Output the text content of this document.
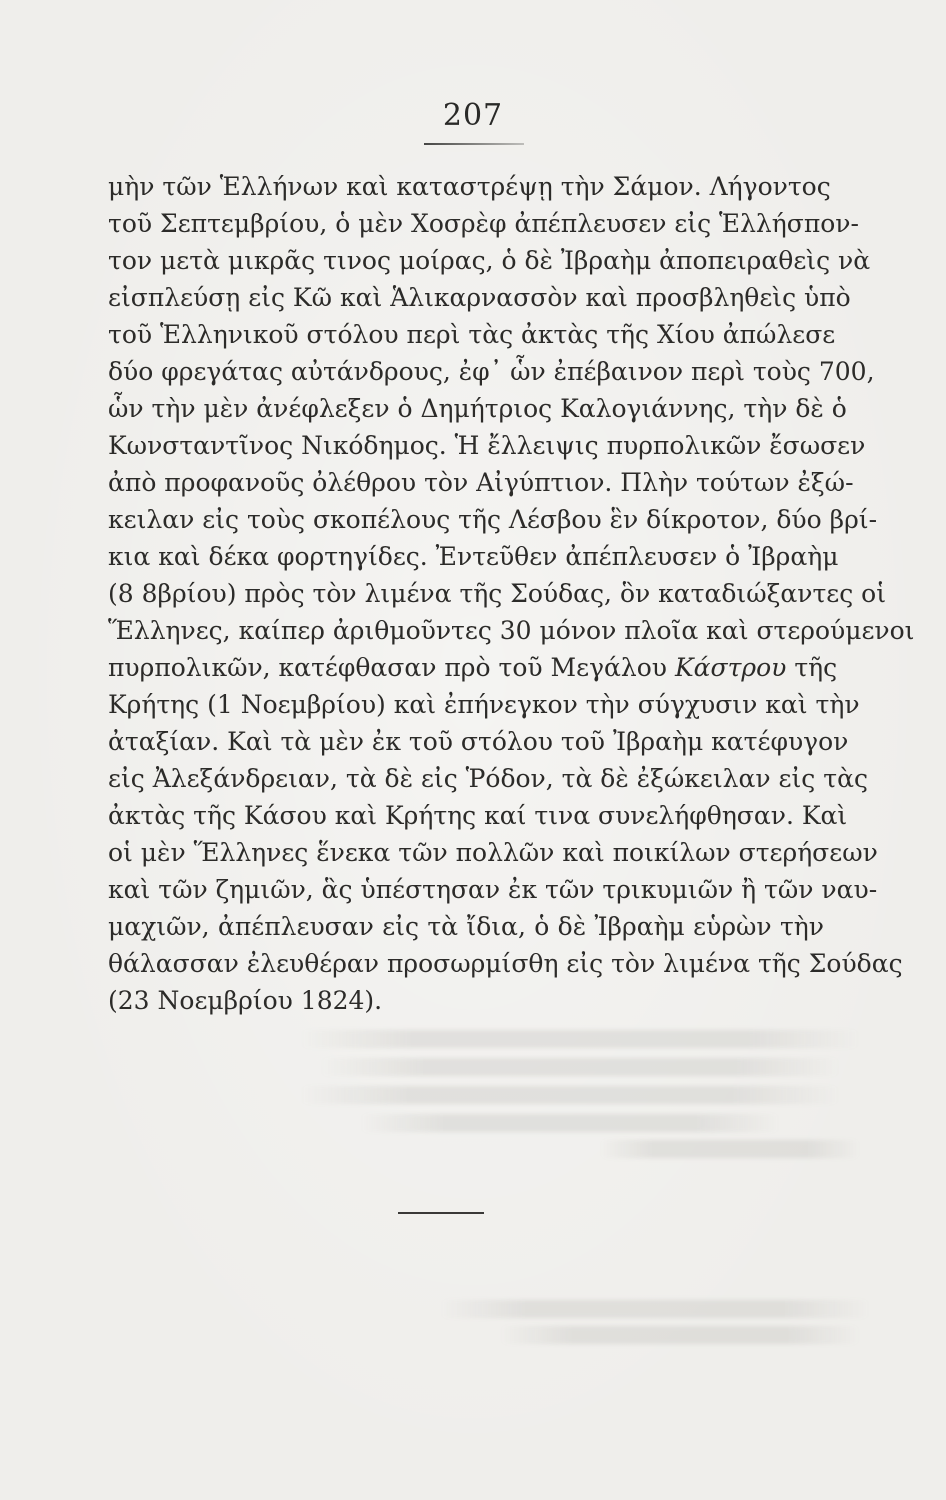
207
μὴν τῶν Ἑλλήνων καὶ καταστρέψῃ τὴν Σάμον. Λήγοντος
τοῦ Σεπτεμβρίου, ὁ μὲν Χοσρὲφ ἀπέπλευσεν εἰς Ἑλλήσπον-
τον μετὰ μικρᾶς τινος μοίρας, ὁ δὲ Ἰβραὴμ ἀποπειραθεὶς νὰ
εἰσπλεύσῃ εἰς Κῶ καὶ Ἁλικαρνασσὸν καὶ προσβληθεὶς ὑπὸ
τοῦ Ἑλληνικοῦ στόλου περὶ τὰς ἀκτὰς τῆς Χίου ἀπώλεσε
δύο φρεγάτας αὐτάνδρους, ἐφ᾿ ὧν ἐπέβαινον περὶ τοὺς 700,
ὧν τὴν μὲν ἀνέφλεξεν ὁ Δημήτριος Καλογιάννης, τὴν δὲ ὁ
Κωνσταντῖνος Νικόδημος. Ἡ ἔλλειψις πυρπολικῶν ἔσωσεν
ἀπὸ προφανοῦς ὀλέθρου τὸν Αἰγύπτιον. Πλὴν τούτων ἐξώ-
κειλαν εἰς τοὺς σκοπέλους τῆς Λέσβου ἓν δίκροτον, δύο βρί-
κια καὶ δέκα φορτηγίδες. Ἐντεῦθεν ἀπέπλευσεν ὁ Ἰβραὴμ
(8 8βρίου) πρὸς τὸν λιμένα τῆς Σούδας, ὃν καταδιώξαντες οἱ
Ἕλληνες, καίπερ ἀριθμοῦντες 30 μόνον πλοῖα καὶ στερούμενοι
πυρπολικῶν, κατέφθασαν πρὸ τοῦ Μεγάλου Κάστρου τῆς
Κρήτης (1 Νοεμβρίου) καὶ ἐπήνεγκον τὴν σύγχυσιν καὶ τὴν
ἀταξίαν. Καὶ τὰ μὲν ἐκ τοῦ στόλου τοῦ Ἰβραὴμ κατέφυγον
εἰς Ἀλεξάνδρειαν, τὰ δὲ εἰς Ῥόδον, τὰ δὲ ἐξώκειλαν εἰς τὰς
ἀκτὰς τῆς Κάσου καὶ Κρήτης καί τινα συνελήφθησαν. Καὶ
οἱ μὲν Ἕλληνες ἕνεκα τῶν πολλῶν καὶ ποικίλων στερήσεων
καὶ τῶν ζημιῶν, ἃς ὑπέστησαν ἐκ τῶν τρικυμιῶν ἢ τῶν ναυ-
μαχιῶν, ἀπέπλευσαν εἰς τὰ ἴδια, ὁ δὲ Ἰβραὴμ εὑρὼν τὴν
θάλασσαν ἐλευθέραν προσωρμίσθη εἰς τὸν λιμένα τῆς Σούδας
(23 Νοεμβρίου 1824).
